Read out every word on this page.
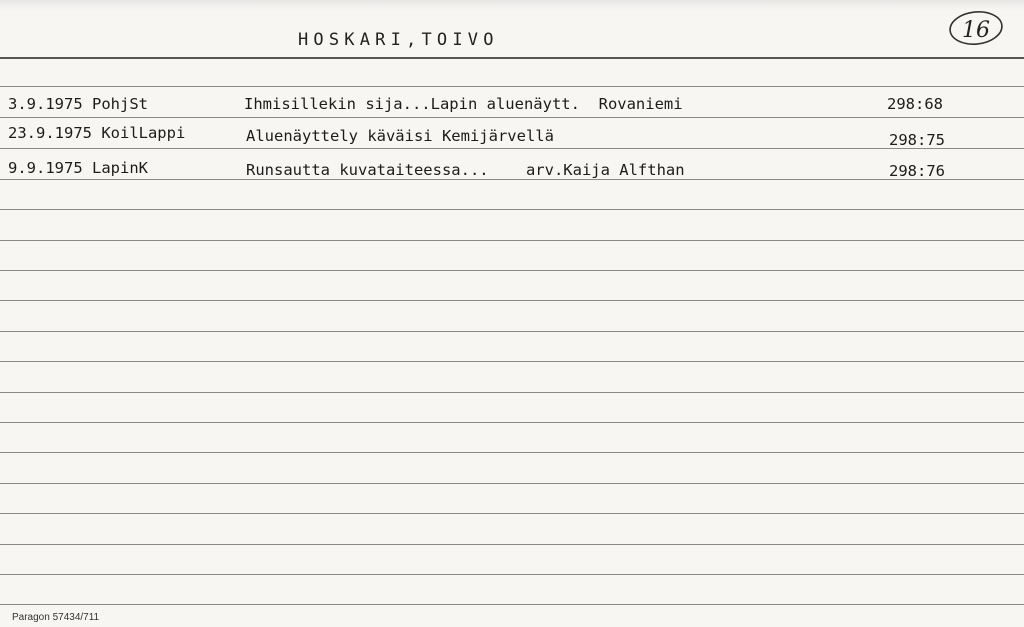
HOSKARI,TOIVO	16
3.9.1975 PohjSt	Ihmisillekin sija...Lapin aluenäytt.  Rovaniemi	298:68
23.9.1975 KoilLappi	Aluenäyttely käväisi Kemijärvellä	298:75
9.9.1975 LapinK	Runsautta kuvataiteessa...    arv.Kaija Alfthan	298:76
Paragon 57434/711
